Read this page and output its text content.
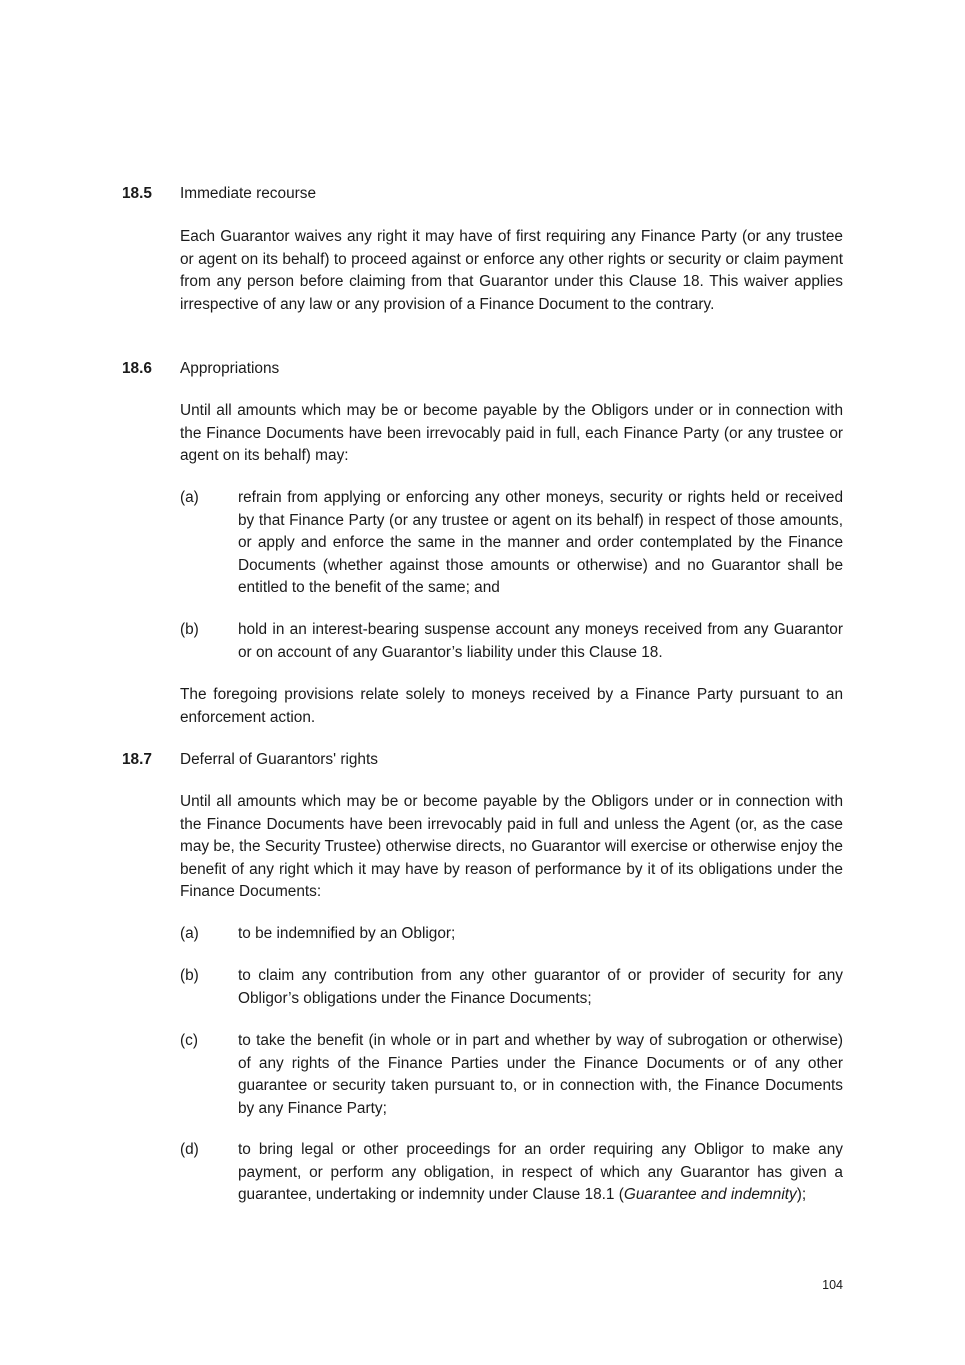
18.5 Immediate recourse
Each Guarantor waives any right it may have of first requiring any Finance Party (or any trustee or agent on its behalf) to proceed against or enforce any other rights or security or claim payment from any person before claiming from that Guarantor under this Clause 18. This waiver applies irrespective of any law or any provision of a Finance Document to the contrary.
18.6 Appropriations
Until all amounts which may be or become payable by the Obligors under or in connection with the Finance Documents have been irrevocably paid in full, each Finance Party (or any trustee or agent on its behalf) may:
(a)	refrain from applying or enforcing any other moneys, security or rights held or received by that Finance Party (or any trustee or agent on its behalf) in respect of those amounts, or apply and enforce the same in the manner and order contemplated by the Finance Documents (whether against those amounts or otherwise) and no Guarantor shall be entitled to the benefit of the same; and
(b)	hold in an interest-bearing suspense account any moneys received from any Guarantor or on account of any Guarantor’s liability under this Clause 18.
The foregoing provisions relate solely to moneys received by a Finance Party pursuant to an enforcement action.
18.7 Deferral of Guarantors' rights
Until all amounts which may be or become payable by the Obligors under or in connection with the Finance Documents have been irrevocably paid in full and unless the Agent (or, as the case may be, the Security Trustee) otherwise directs, no Guarantor will exercise or otherwise enjoy the benefit of any right which it may have by reason of performance by it of its obligations under the Finance Documents:
(a)	to be indemnified by an Obligor;
(b)	to claim any contribution from any other guarantor of or provider of security for any Obligor’s obligations under the Finance Documents;
(c)	to take the benefit (in whole or in part and whether by way of subrogation or otherwise) of any rights of the Finance Parties under the Finance Documents or of any other guarantee or security taken pursuant to, or in connection with, the Finance Documents by any Finance Party;
(d)	to bring legal or other proceedings for an order requiring any Obligor to make any payment, or perform any obligation, in respect of which any Guarantor has given a guarantee, undertaking or indemnity under Clause 18.1 (Guarantee and indemnity);
104
